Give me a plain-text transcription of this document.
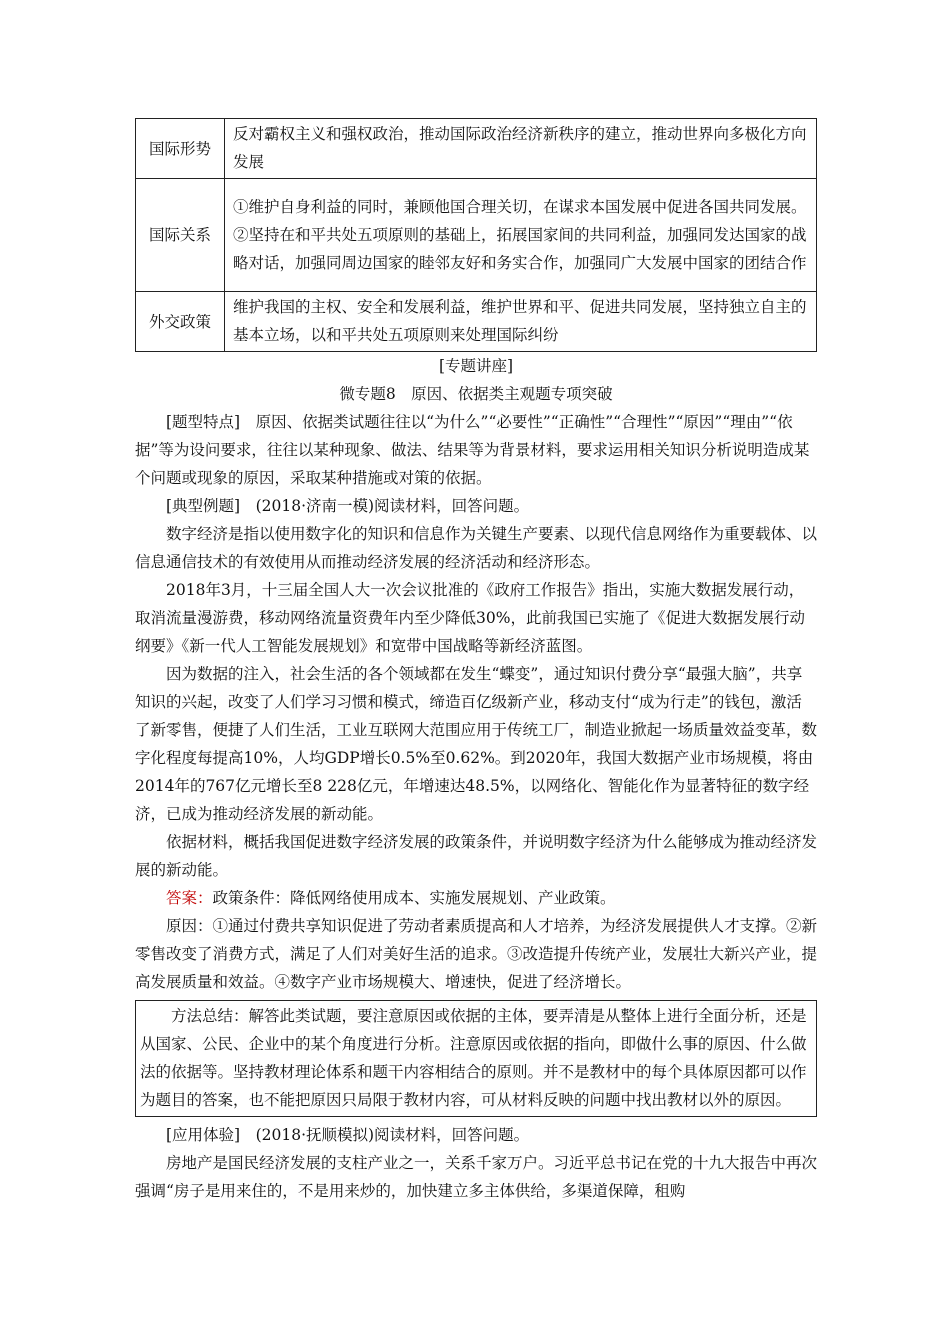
国际形势	反对霸权主义和强权政治，推动国际政治经济新秩序的建立，推动世界向多极化方向发展
国际关系	①维护自身利益的同时，兼顾他国合理关切，在谋求本国发展中促进各国共同发展。②坚持在和平共处五项原则的基础上，拓展国家间的共同利益，加强同发达国家的战略对话，加强同周边国家的睦邻友好和务实合作，加强同广大发展中国家的团结合作
外交政策	维护我国的主权、安全和发展利益，维护世界和平、促进共同发展，坚持独立自主的基本立场，以和平共处五项原则来处理国际纠纷
[专题讲座]
微专题8　原因、依据类主观题专项突破

[题型特点]　原因、依据类试题往往以“为什么”“必要性”“正确性”“合理性”“原因”“理由”“依据”等为设问要求，往往以某种现象、做法、结果等为背景材料，要求运用相关知识分析说明造成某个问题或现象的原因，采取某种措施或对策的依据。

[典型例题]　(2018·济南一模)阅读材料，回答问题。

数字经济是指以使用数字化的知识和信息作为关键生产要素、以现代信息网络作为重要载体、以信息通信技术的有效使用从而推动经济发展的经济活动和经济形态。

2018年3月，十三届全国人大一次会议批准的《政府工作报告》指出，实施大数据发展行动，取消流量漫游费，移动网络流量资费年内至少降低30%，此前我国已实施了《促进大数据发展行动纲要》《新一代人工智能发展规划》和宽带中国战略等新经济蓝图。

因为数据的注入，社会生活的各个领域都在发生“蝶变”，通过知识付费分享“最强大脑”，共享知识的兴起，改变了人们学习习惯和模式，缔造百亿级新产业，移动支付“成为行走”的钱包，激活了新零售，便捷了人们生活，工业互联网大范围应用于传统工厂，制造业掀起一场质量效益变革，数字化程度每提高10%，人均GDP增长0.5%至0.62%。到2020年，我国大数据产业市场规模，将由2014年的767亿元增长至8 228亿元，年增速达48.5%，以网络化、智能化作为显著特征的数字经济，已成为推动经济发展的新动能。

依据材料，概括我国促进数字经济发展的政策条件，并说明数字经济为什么能够成为推动经济发展的新动能。

答案：政策条件：降低网络使用成本、实施发展规划、产业政策。

原因：①通过付费共享知识促进了劳动者素质提高和人才培养，为经济发展提供人才支撑。②新零售改变了消费方式，满足了人们对美好生活的追求。③改造提升传统产业，发展壮大新兴产业，提高发展质量和效益。④数字产业市场规模大、增速快，促进了经济增长。

方法总结：解答此类试题，要注意原因或依据的主体，要弄清是从整体上进行全面分析，还是从国家、公民、企业中的某个角度进行分析。注意原因或依据的指向，即做什么事的原因、什么做法的依据等。坚持教材理论体系和题干内容相结合的原则。并不是教材中的每个具体原因都可以作为题目的答案，也不能把原因只局限于教材内容，可从材料反映的问题中找出教材以外的原因。

[应用体验]　(2018·抚顺模拟)阅读材料，回答问题。

房地产是国民经济发展的支柱产业之一，关系千家万户。习近平总书记在党的十九大报告中再次强调“房子是用来住的，不是用来炒的，加快建立多主体供给，多渠道保障，租购
